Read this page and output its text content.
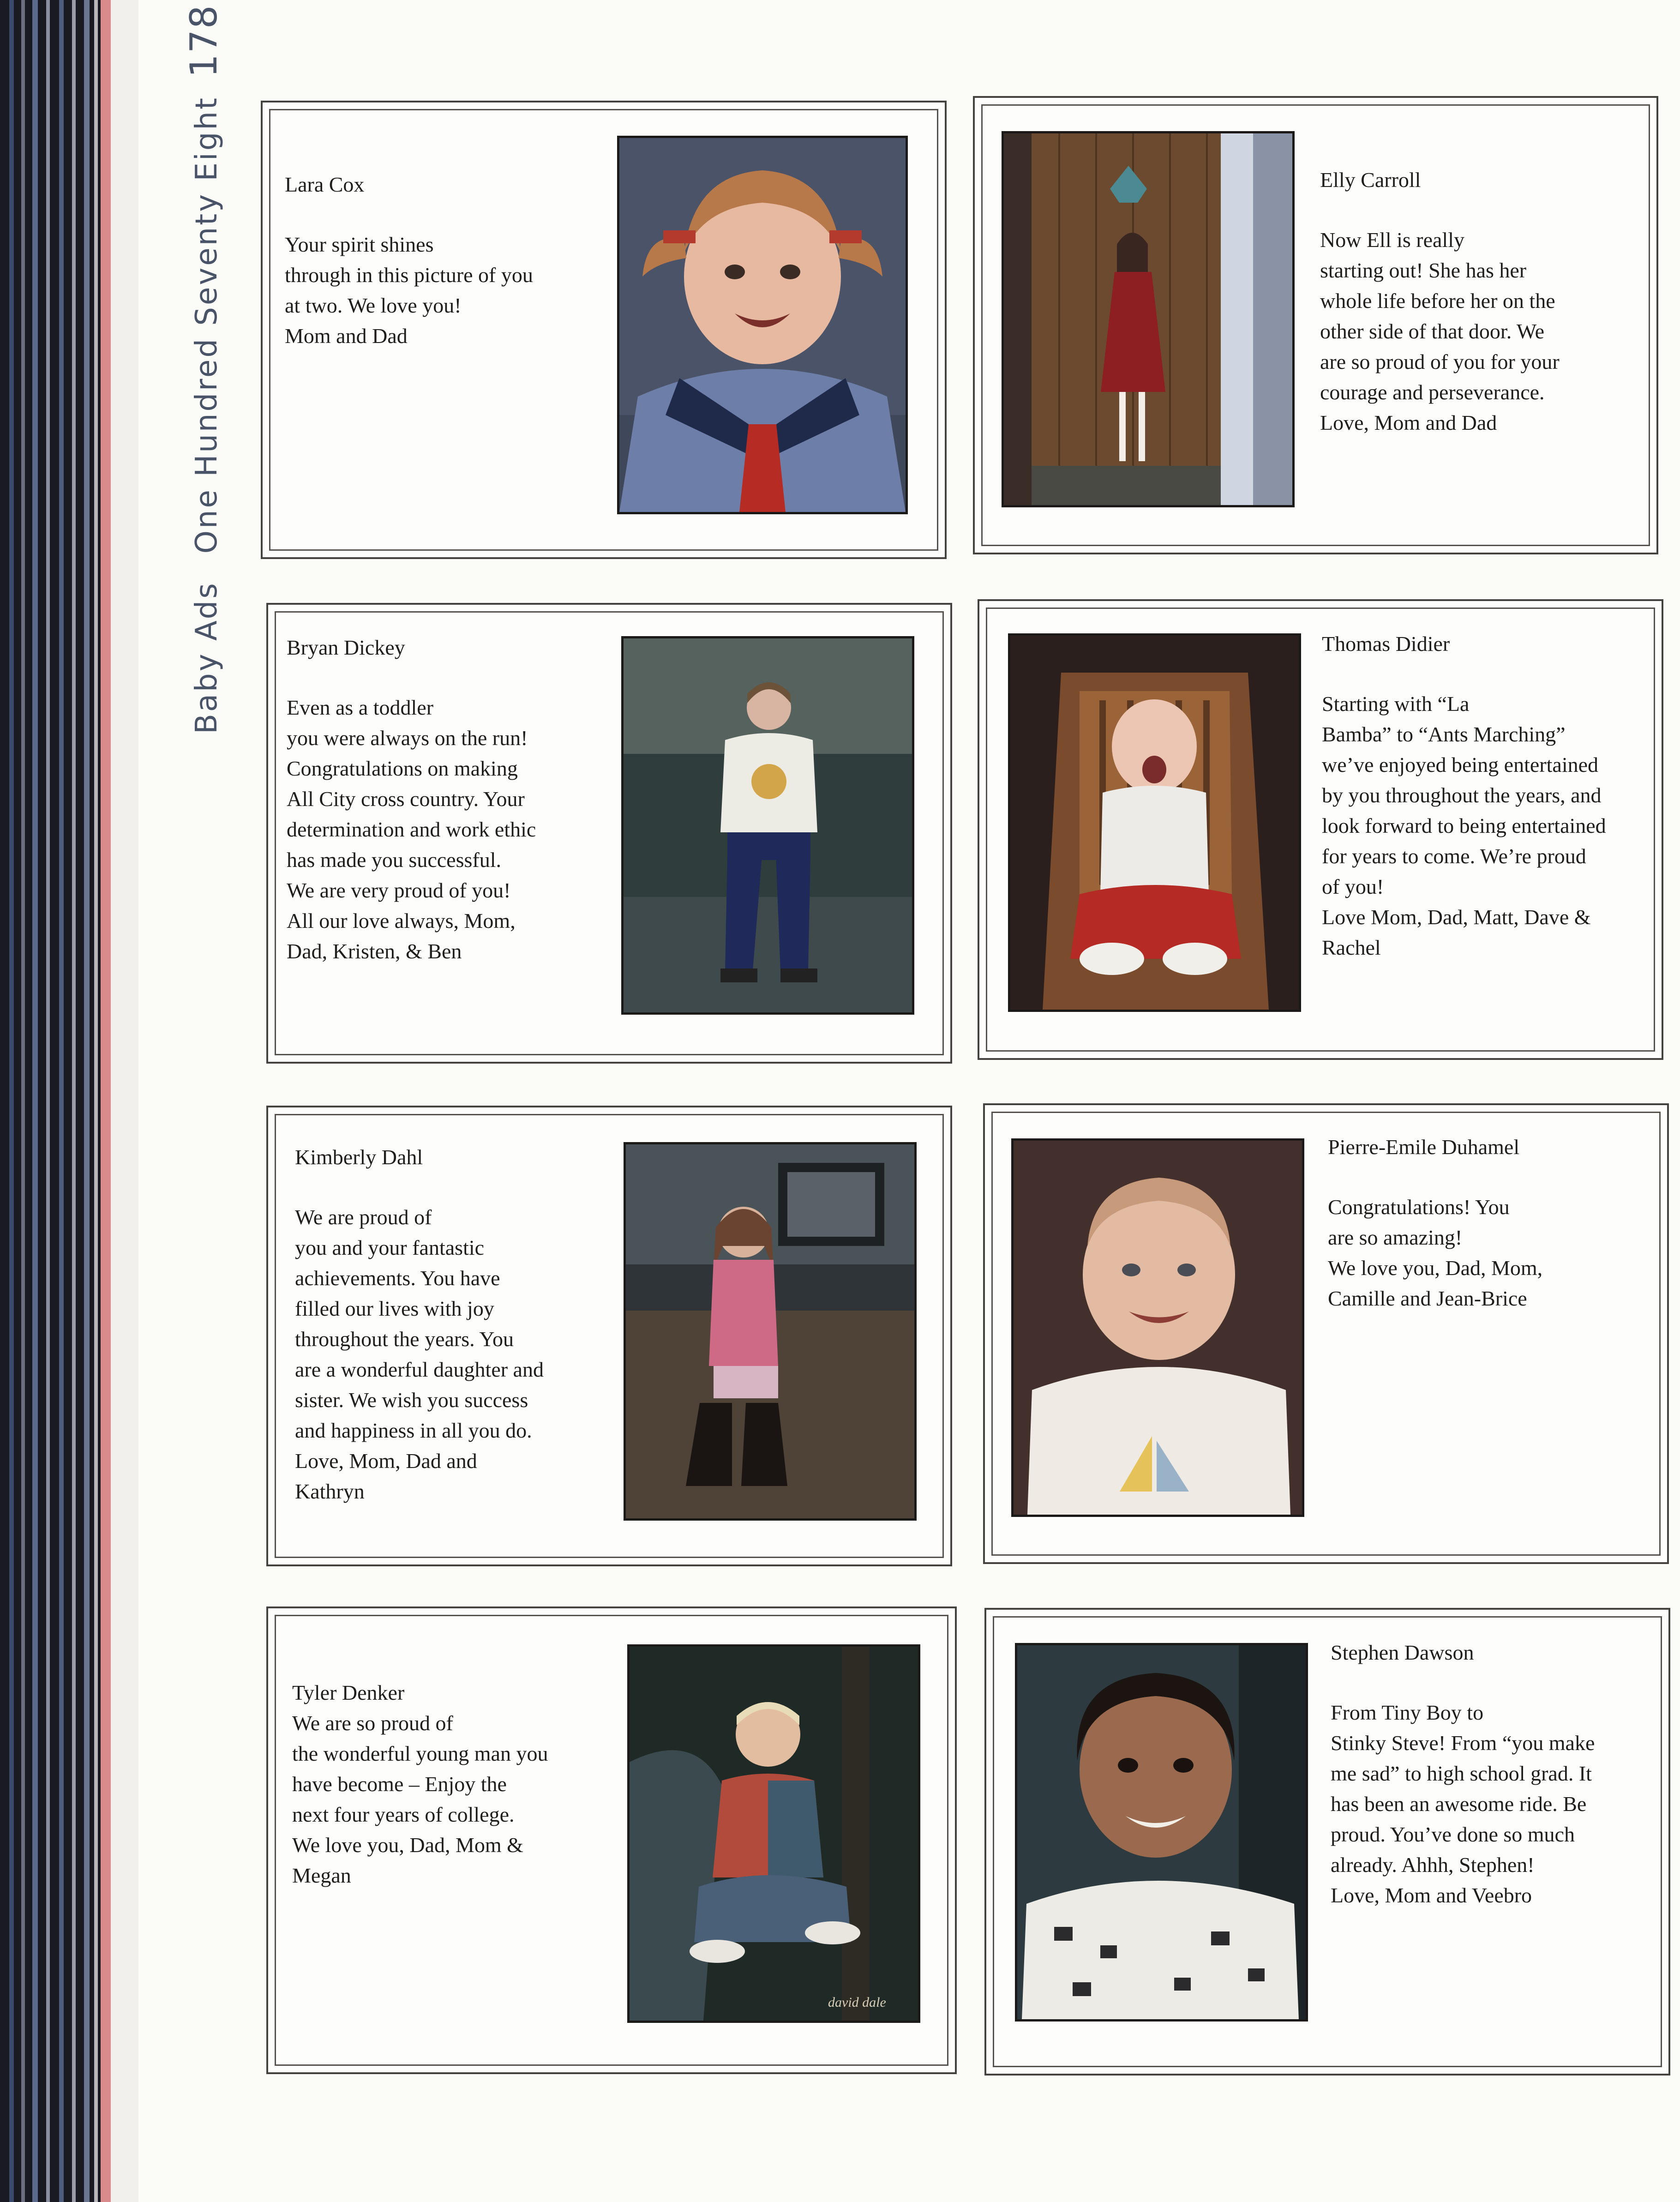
Baby AdsOne Hundred Seventy Eight178
Lara Cox
Your spirit shines
through in this picture of you
at two. We love you!
Mom and Dad
Elly Carroll
Now Ell is really
starting out! She has her
whole life before her on the
other side of that door. We
are so proud of you for your
courage and perseverance.
Love, Mom and Dad
Bryan Dickey
Even as a toddler
you were always on the run!
Congratulations on making
All City cross country. Your
determination and work ethic
has made you successful.
We are very proud of you!
All our love always, Mom,
Dad, Kristen, & Ben
Thomas Didier
Starting with “La
Bamba” to “Ants Marching”
we’ve enjoyed being entertained
by you throughout the years, and
look forward to being entertained
for years to come. We’re proud
of you!
Love Mom, Dad, Matt, Dave &
Rachel
Kimberly Dahl
We are proud of
you and your fantastic
achievements. You have
filled our lives with joy
throughout the years. You
are a wonderful daughter and
sister. We wish you success
and happiness in all you do.
Love, Mom, Dad and
Kathryn
Pierre-Emile Duhamel
Congratulations! You
are so amazing!
We love you, Dad, Mom,
Camille and Jean-Brice
Tyler Denker
We are so proud of
the wonderful young man you
have become – Enjoy the
next four years of college.
We love you, Dad, Mom &
Megan
david dale
Stephen Dawson
From Tiny Boy to
Stinky Steve! From “you make
me sad” to high school grad. It
has been an awesome ride. Be
proud. You’ve done so much
already. Ahhh, Stephen!
Love, Mom and Veebro
